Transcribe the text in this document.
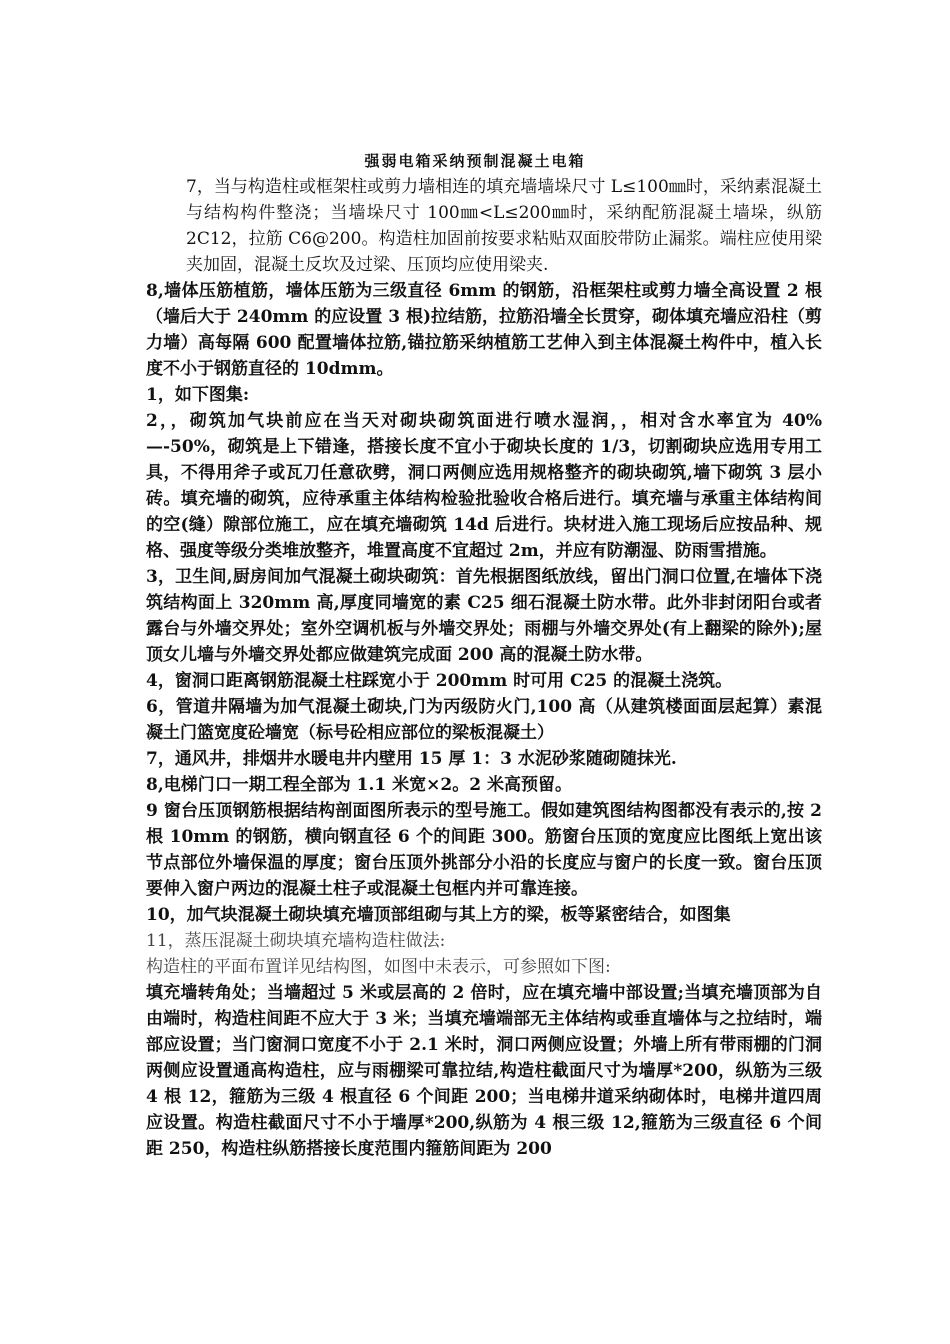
强弱电箱采纳预制混凝土电箱

7，当与构造柱或框架柱或剪力墙相连的填充墙墙垛尺寸 L≤100㎜时，采纳素混凝土与结构构件整浇；当墙垛尺寸 100㎜<L≤200㎜时，采纳配筋混凝土墙垛，纵筋 2C12，拉筋 C6@200。构造柱加固前按要求粘贴双面胶带防止漏浆。端柱应使用梁夹加固，混凝土反坎及过梁、压顶均应使用梁夹.

8,墙体压筋植筋，墙体压筋为三级直径 6mm 的钢筋，沿框架柱或剪力墙全高设置 2 根（墙后大于 240mm 的应设置 3 根)拉结筋，拉筋沿墙全长贯穿，砌体填充墙应沿柱（剪力墙）高每隔 600 配置墙体拉筋,锚拉筋采纳植筋工艺伸入到主体混凝土构件中，植入长度不小于钢筋直径的 10dmm。

1，如下图集:

2，，砌筑加气块前应在当天对砌块砌筑面进行喷水湿润，，相对含水率宜为 40%—-50%，砌筑是上下错逢，搭接长度不宜小于砌块长度的 1/3，切割砌块应选用专用工具，不得用斧子或瓦刀任意砍劈，洞口两侧应选用规格整齐的砌块砌筑,墙下砌筑 3 层小砖。填充墙的砌筑，应待承重主体结构检验批验收合格后进行。填充墙与承重主体结构间的空(缝）隙部位施工，应在填充墙砌筑 14d 后进行。块材进入施工现场后应按品种、规格、强度等级分类堆放整齐，堆置高度不宜超过 2m，并应有防潮湿、防雨雪措施。

3，卫生间,厨房间加气混凝土砌块砌筑：首先根据图纸放线，留出门洞口位置,在墙体下浇筑结构面上 320mm 高,厚度同墙宽的素 C25 细石混凝土防水带。此外非封闭阳台或者露台与外墙交界处；室外空调机板与外墙交界处；雨棚与外墙交界处(有上翻梁的除外);屋顶女儿墙与外墙交界处都应做建筑完成面 200 高的混凝土防水带。

4，窗洞口距离钢筋混凝土柱踩宽小于 200mm 时可用 C25 的混凝土浇筑。

6，管道井隔墙为加气混凝土砌块,门为丙级防火门,100 高（从建筑楼面面层起算）素混凝土门篮宽度砼墙宽（标号砼相应部位的梁板混凝土）

7，通风井，排烟井水暖电井内壁用 15 厚 1：3 水泥砂浆随砌随抹光.

8,电梯门口一期工程全部为 1.1 米宽×2。2 米高预留。

9 窗台压顶钢筋根据结构剖面图所表示的型号施工。假如建筑图结构图都没有表示的,按 2 根 10mm 的钢筋，横向钢直径 6 个的间距 300。筋窗台压顶的宽度应比图纸上宽出该节点部位外墙保温的厚度；窗台压顶外挑部分小沿的长度应与窗户的长度一致。窗台压顶要伸入窗户两边的混凝土柱子或混凝土包框内并可靠连接。

10，加气块混凝土砌块填充墙顶部组砌与其上方的梁，板等紧密结合，如图集

11，蒸压混凝土砌块填充墙构造柱做法:

构造柱的平面布置详见结构图，如图中未表示，可参照如下图:

填充墙转角处；当墙超过 5 米或层高的 2 倍时，应在填充墙中部设置;当填充墙顶部为自由端时，构造柱间距不应大于 3 米；当填充墙端部无主体结构或垂直墙体与之拉结时，端部应设置；当门窗洞口宽度不小于 2.1 米时，洞口两侧应设置；外墙上所有带雨棚的门洞两侧应设置通高构造柱，应与雨棚梁可靠拉结,构造柱截面尺寸为墙厚*200，纵筋为三级 4 根 12，箍筋为三级 4 根直径 6 个间距 200；当电梯井道采纳砌体时，电梯井道四周应设置。构造柱截面尺寸不小于墙厚*200,纵筋为 4 根三级 12,箍筋为三级直径 6 个间距 250，构造柱纵筋搭接长度范围内箍筋间距为 200
